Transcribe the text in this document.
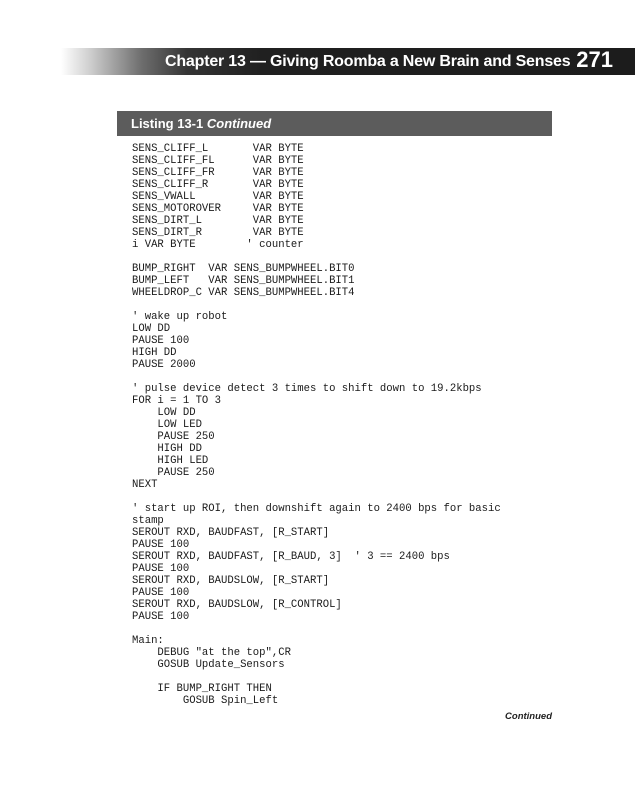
Chapter 13 — Giving Roomba a New Brain and Senses 271
Listing 13-1 Continued
SENS_CLIFF_L       VAR BYTE
SENS_CLIFF_FL      VAR BYTE
SENS_CLIFF_FR      VAR BYTE
SENS_CLIFF_R       VAR BYTE
SENS_VWALL         VAR BYTE
SENS_MOTOROVER     VAR BYTE
SENS_DIRT_L        VAR BYTE
SENS_DIRT_R        VAR BYTE
i VAR BYTE        ' counter
BUMP_RIGHT  VAR SENS_BUMPWHEEL.BIT0
BUMP_LEFT   VAR SENS_BUMPWHEEL.BIT1
WHEELDROP_C VAR SENS_BUMPWHEEL.BIT4
' wake up robot
LOW DD
PAUSE 100
HIGH DD
PAUSE 2000
' pulse device detect 3 times to shift down to 19.2kbps
FOR i = 1 TO 3
LOW DD
LOW LED
PAUSE 250
HIGH DD
HIGH LED
PAUSE 250
NEXT
' start up ROI, then downshift again to 2400 bps for basic
stamp
SEROUT RXD, BAUDFAST, [R_START]
PAUSE 100
SEROUT RXD, BAUDFAST, [R_BAUD, 3]  ' 3 == 2400 bps
PAUSE 100
SEROUT RXD, BAUDSLOW, [R_START]
PAUSE 100
SEROUT RXD, BAUDSLOW, [R_CONTROL]
PAUSE 100
Main:
DEBUG "at the top",CR
GOSUB Update_Sensors
IF BUMP_RIGHT THEN
GOSUB Spin_Left
Continued
